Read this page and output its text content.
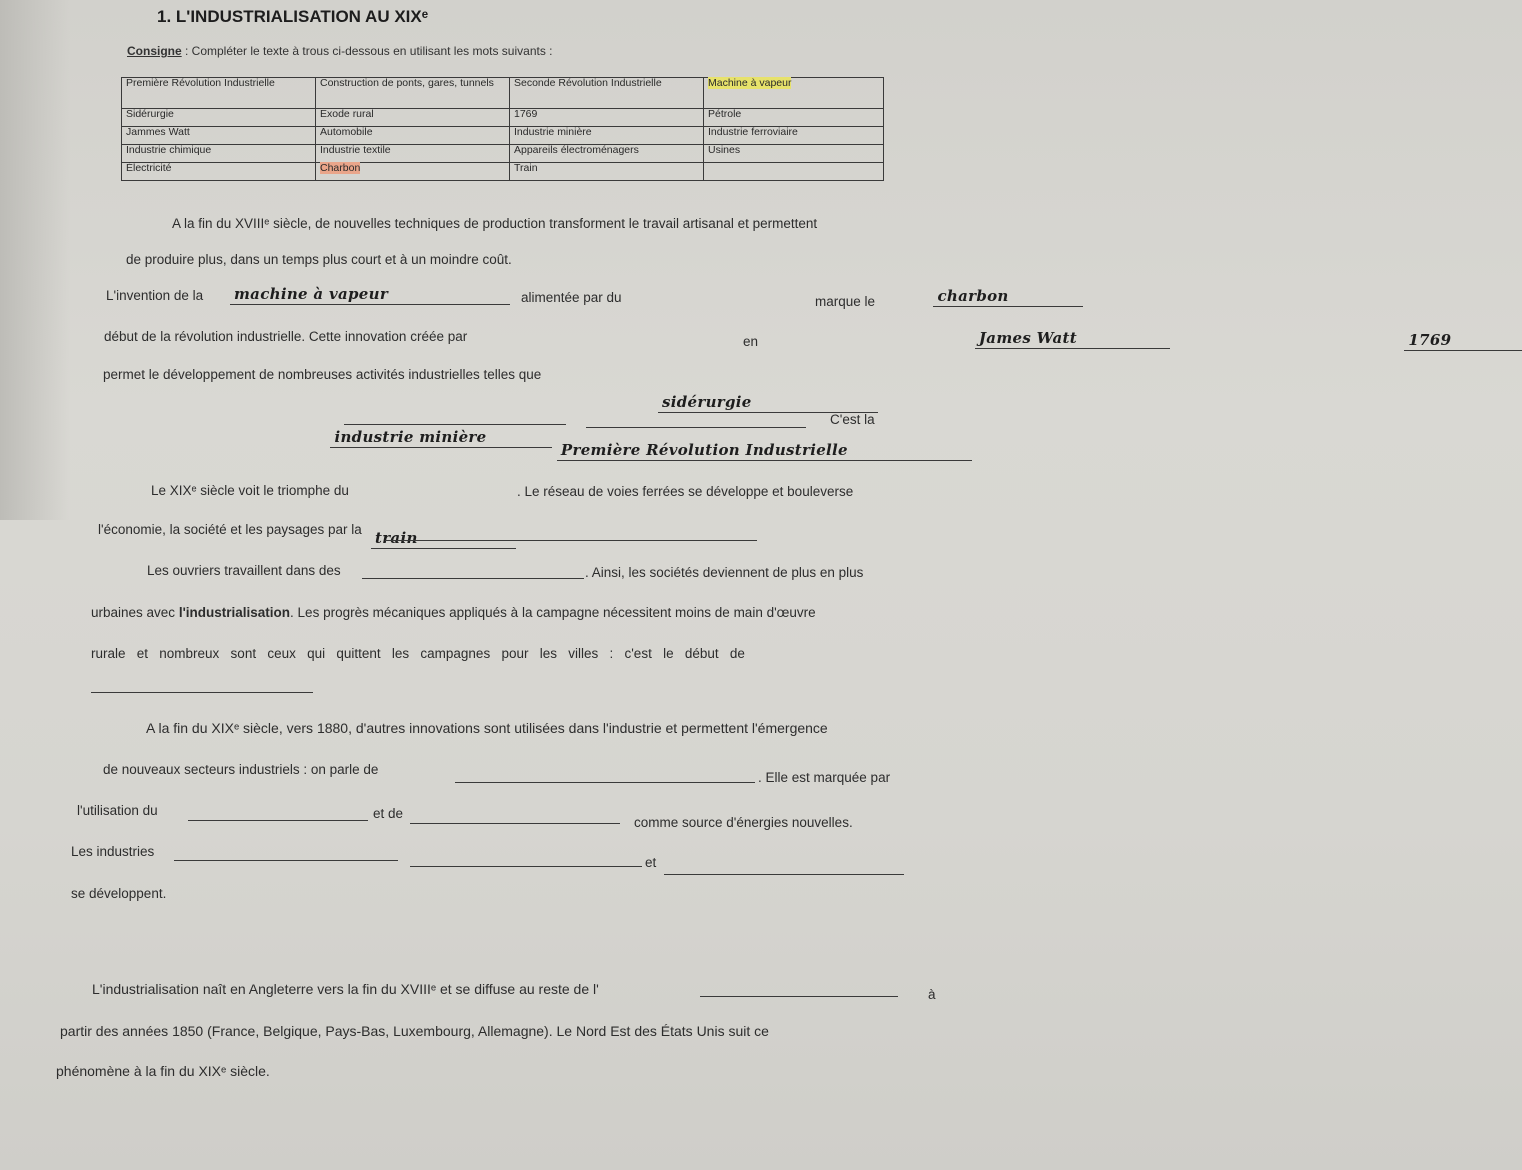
1. L'INDUSTRIALISATION AU XIXᵉ
Consigne : Compléter le texte à trous ci-dessous en utilisant les mots suivants :
Première Révolution Industrielle	Construction de ponts, gares, tunnels	Seconde Révolution Industrielle	Machine à vapeur
Sidérurgie	Exode rural	1769	Pétrole
Jammes Watt	Automobile	Industrie minière	Industrie ferroviaire
Industrie chimique	Industrie textile	Appareils électroménagers	Usines
Électricité	Charbon	Train	
A la fin du XVIIIᵉ siècle, de nouvelles techniques de production transforment le travail artisanal et permettent
de produire plus, dans un temps plus court et à un moindre coût.
L'invention de la machine à vapeur
	alimentée par du	charbon

marque le
début de la révolution industrielle. Cette innovation créée par	James Watt

en	1769

permet le développement de nombreuses activités industrielles telles que
sidérurgie

industrie minière

C'est la
Première Révolution Industrielle

Le XIXᵉ siècle voit le triomphe du
train
. Le réseau de voies ferrées se développe et bouleverse
l'économie, la société et les paysages par la
Les ouvriers travaillent dans des	. Ainsi, les sociétés deviennent de plus en plus
urbaines avec l'industrialisation. Les progrès mécaniques appliqués à la campagne nécessitent moins de main d'œuvre
rurale et nombreux sont ceux qui quittent les campagnes pour les villes : c'est le début de
A la fin du XIXᵉ siècle, vers 1880, d'autres innovations sont utilisées dans l'industrie et permettent l'émergence
de nouveaux secteurs industriels : on parle de
. Elle est marquée par
l'utilisation du	et de
comme source d'énergies nouvelles.
Les industries
et
se développent.
L'industrialisation naît en Angleterre vers la fin du XVIIIᵉ et se diffuse au reste de l'	à
partir des années 1850 (France, Belgique, Pays-Bas, Luxembourg, Allemagne). Le Nord Est des États Unis suit ce
phénomène à la fin du XIXᵉ siècle.
